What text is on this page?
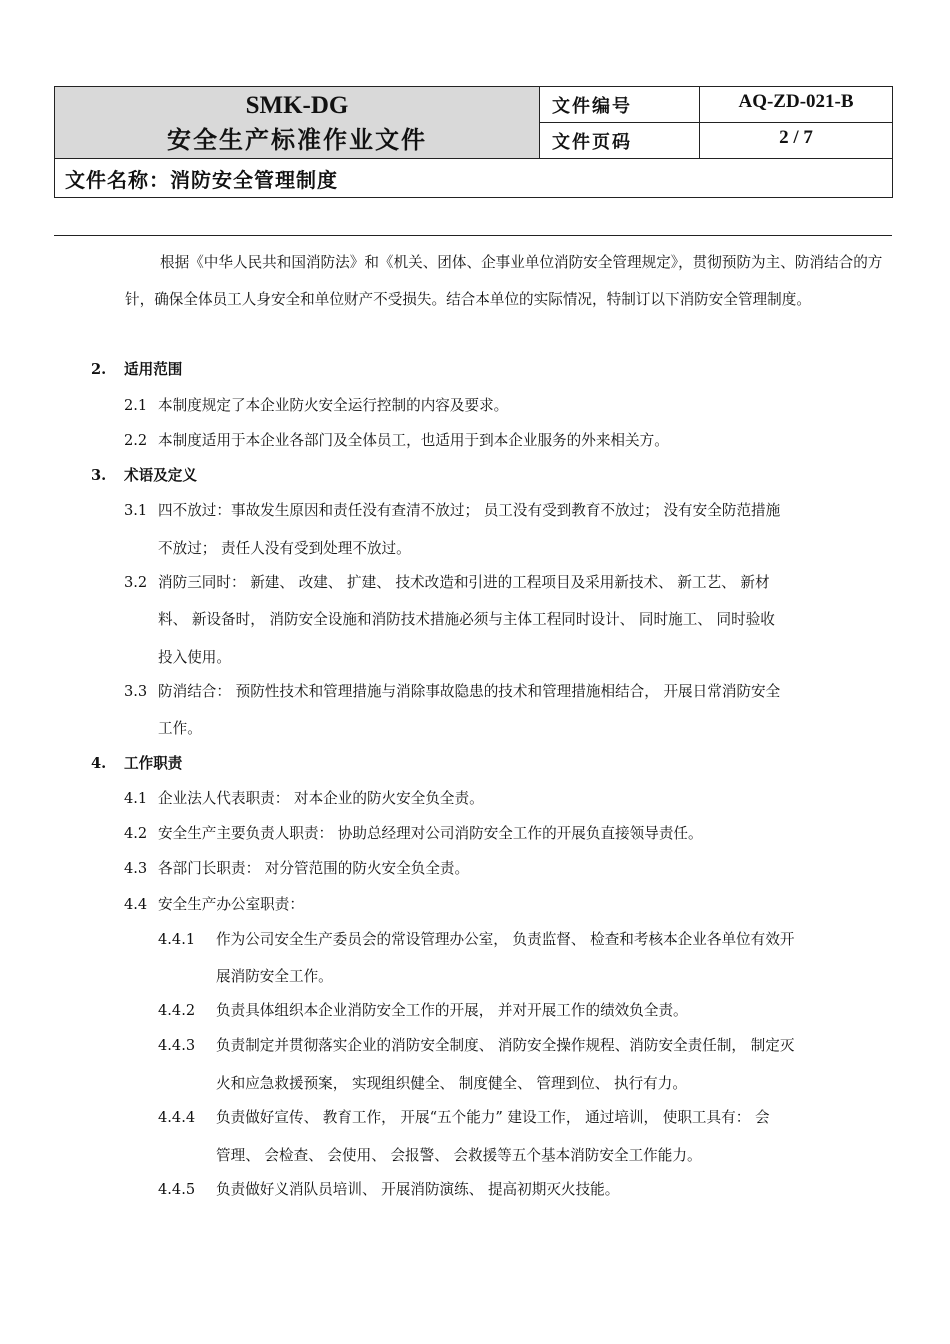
SMK-DG
安全生产标准作业文件	文件编号	AQ-ZD-021-B
	文件页码	2 / 7
文件名称：消防安全管理制度		
根据《中华人民共和国消防法》和《机关、团体、企事业单位消防安全管理规定》，贯彻预防为主、防消结合的方针，确保全体员工人身安全和单位财产不受损失。结合本单位的实际情况，特制订以下消防安全管理制度。
2. 适用范围
2.1 本制度规定了本企业防火安全运行控制的内容及要求。
2.2 本制度适用于本企业各部门及全体员工，也适用于到本企业服务的外来相关方。
3. 术语及定义
3.1 四不放过：事故发生原因和责任没有查清不放过； 员工没有受到教育不放过； 没有安全防范措施
不放过； 责任人没有受到处理不放过。
3.2 消防三同时： 新建、 改建、 扩建、 技术改造和引进的工程项目及采用新技术、 新工艺、 新材
料、 新设备时， 消防安全设施和消防技术措施必须与主体工程同时设计、 同时施工、 同时验收
投入使用。
3.3 防消结合： 预防性技术和管理措施与消除事故隐患的技术和管理措施相结合， 开展日常消防安全
工作。
4. 工作职责
4.1 企业法人代表职责： 对本企业的防火安全负全责。
4.2 安全生产主要负责人职责： 协助总经理对公司消防安全工作的开展负直接领导责任。
4.3 各部门长职责： 对分管范围的防火安全负全责。
4.4 安全生产办公室职责：
4.4.1 作为公司安全生产委员会的常设管理办公室， 负责监督、 检查和考核本企业各单位有效开
展消防安全工作。
4.4.2 负责具体组织本企业消防安全工作的开展， 并对开展工作的绩效负全责。
4.4.3 负责制定并贯彻落实企业的消防安全制度、 消防安全操作规程、消防安全责任制， 制定灭
火和应急救援预案， 实现组织健全、 制度健全、 管理到位、 执行有力。
4.4.4 负责做好宣传、 教育工作， 开展“五个能力” 建设工作， 通过培训， 使职工具有： 会
管理、 会检查、 会使用、 会报警、 会救援等五个基本消防安全工作能力。
4.4.5 负责做好义消队员培训、 开展消防演练、 提高初期灭火技能。
